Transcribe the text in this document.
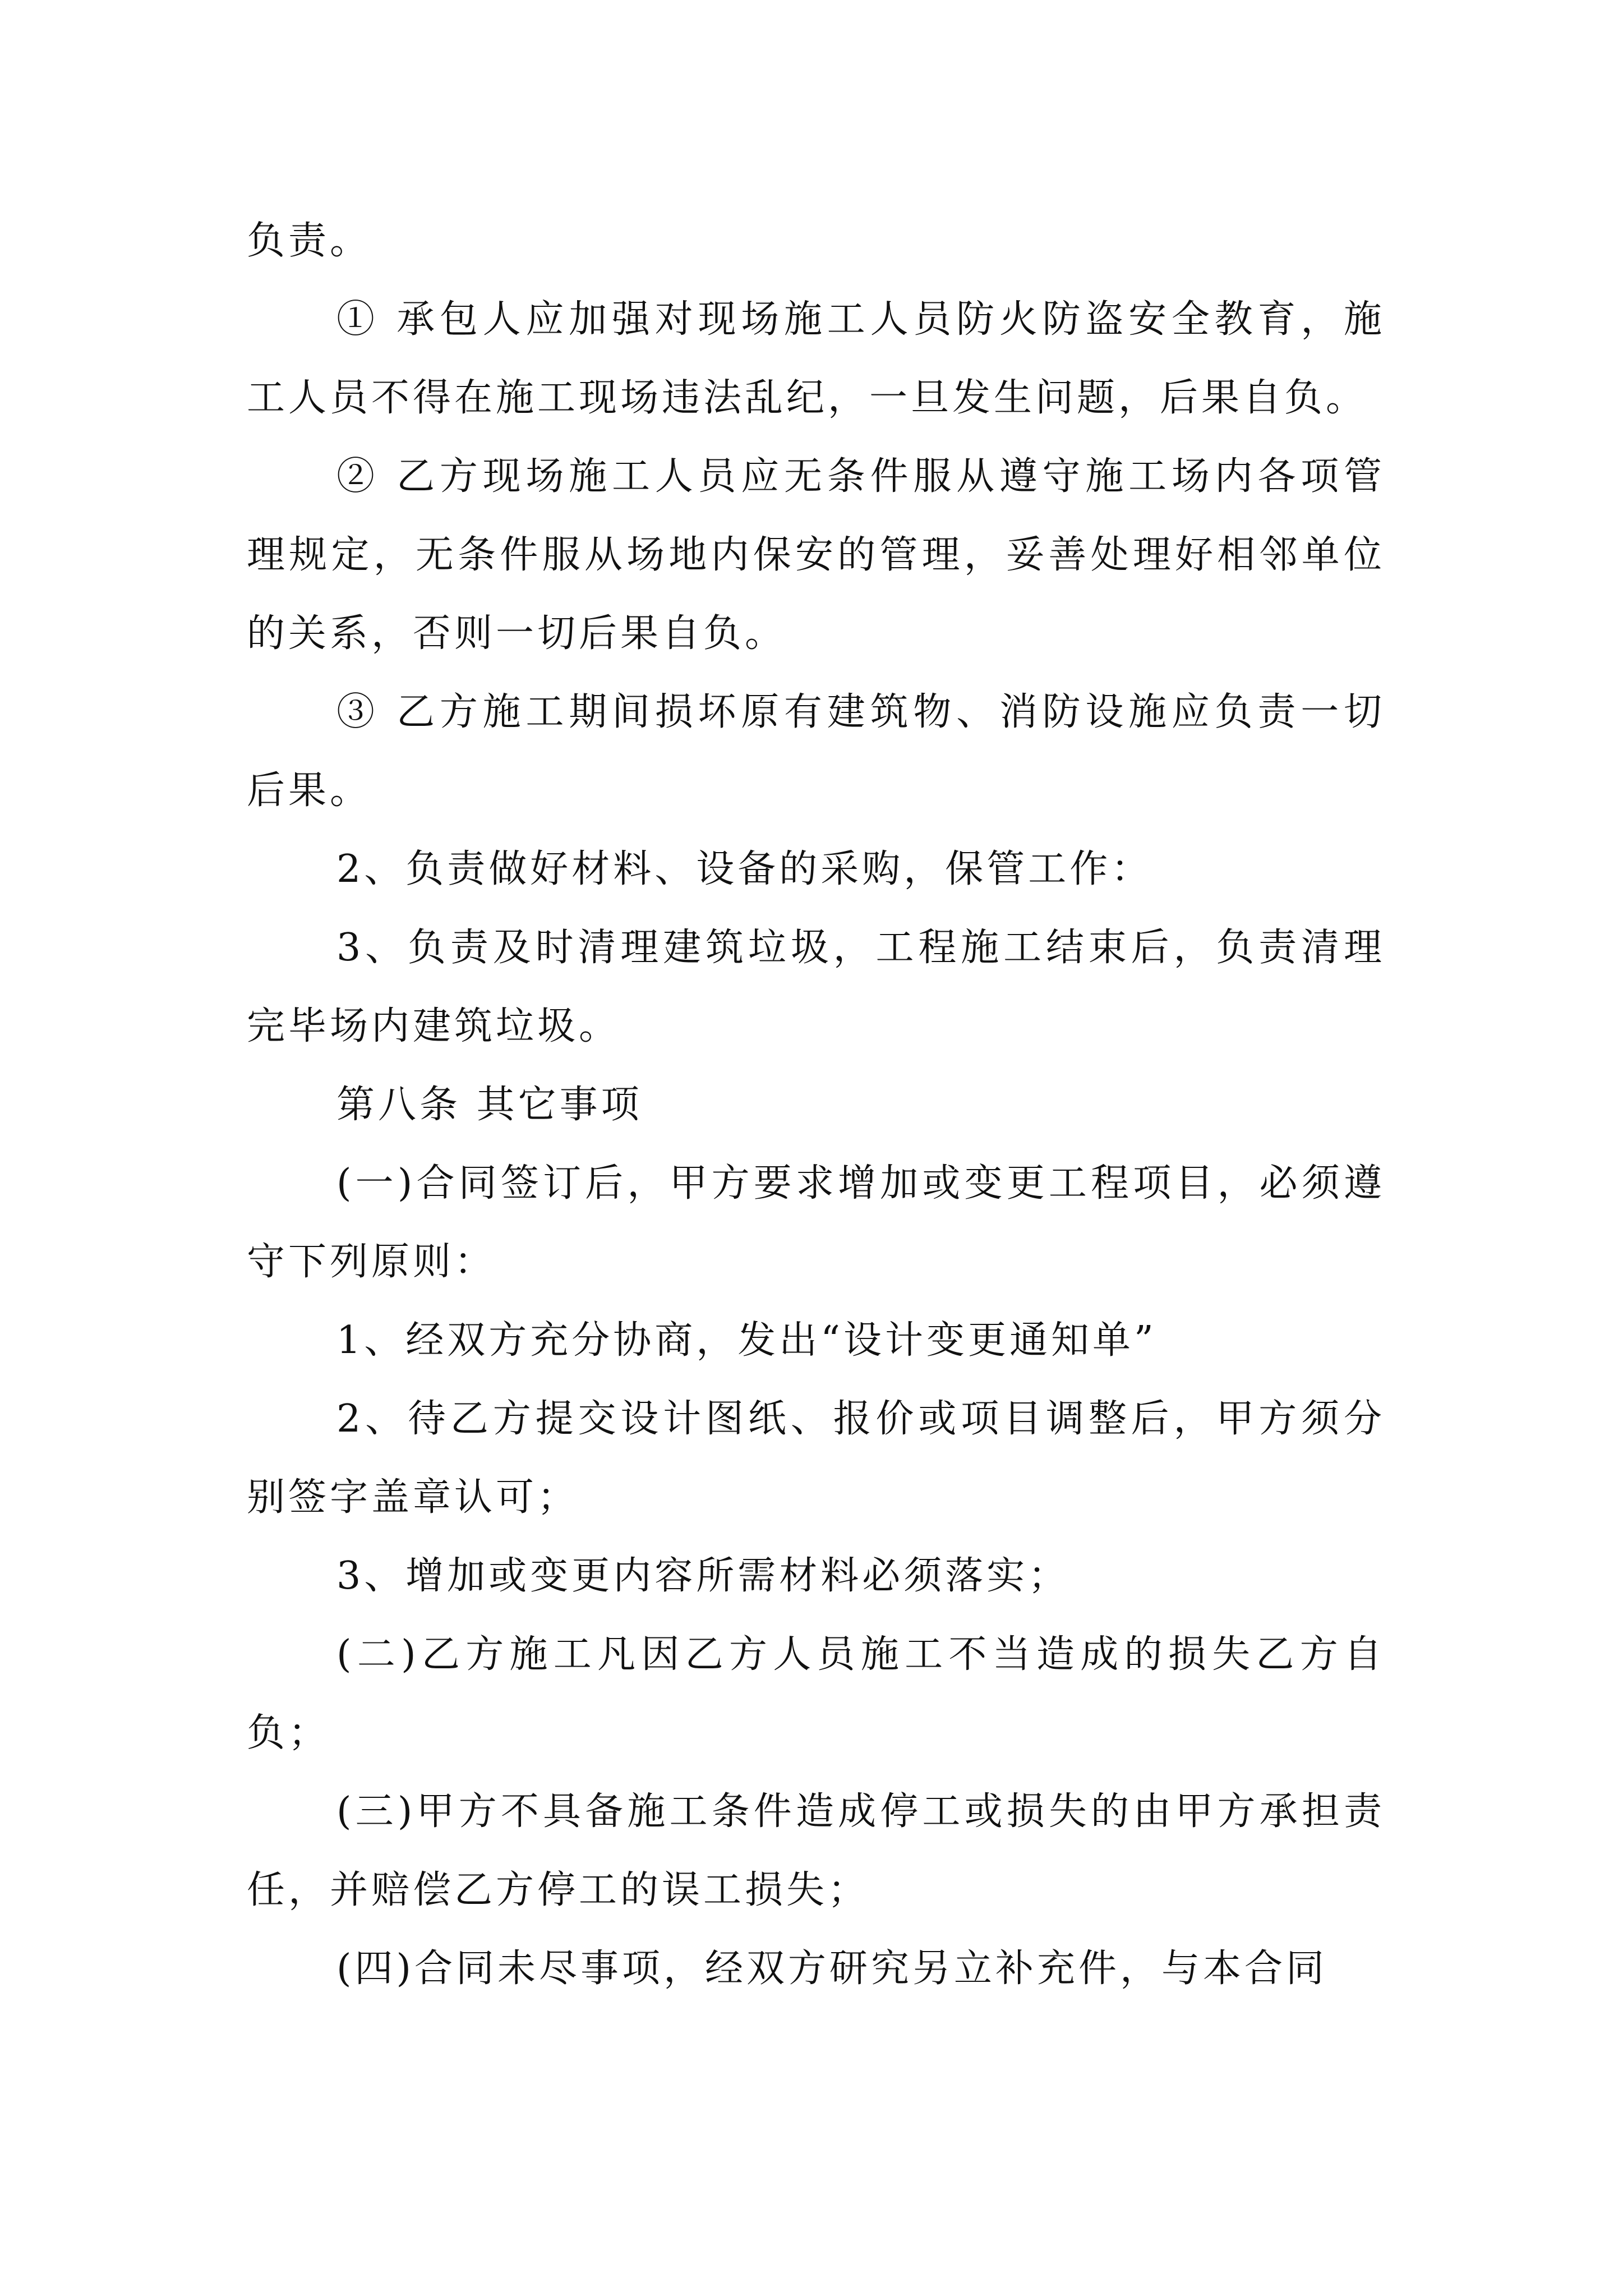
负责。

① 承包人应加强对现场施工人员防火防盗安全教育，施工人员不得在施工现场违法乱纪，一旦发生问题，后果自负。

② 乙方现场施工人员应无条件服从遵守施工场内各项管理规定，无条件服从场地内保安的管理，妥善处理好相邻单位的关系，否则一切后果自负。

③ 乙方施工期间损坏原有建筑物、消防设施应负责一切后果。

2、负责做好材料、设备的采购，保管工作：

3、负责及时清理建筑垃圾，工程施工结束后，负责清理完毕场内建筑垃圾。

第八条 其它事项

(一)合同签订后，甲方要求增加或变更工程项目，必须遵守下列原则：

1、经双方充分协商，发出“设计变更通知单”

2、待乙方提交设计图纸、报价或项目调整后，甲方须分别签字盖章认可；

3、增加或变更内容所需材料必须落实；

(二)乙方施工凡因乙方人员施工不当造成的损失乙方自负；

(三)甲方不具备施工条件造成停工或损失的由甲方承担责任，并赔偿乙方停工的误工损失；

(四)合同未尽事项，经双方研究另立补充件，与本合同
